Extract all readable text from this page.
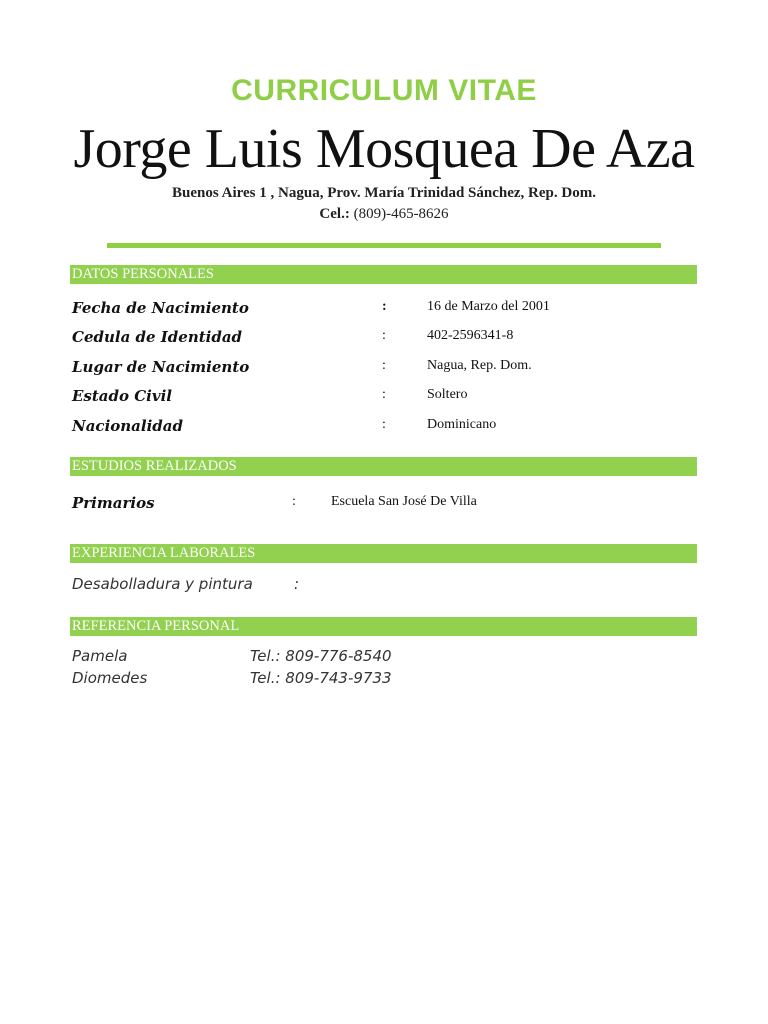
CURRICULUM VITAE
Jorge Luis Mosquea De Aza
Buenos Aires 1 , Nagua, Prov. María Trinidad Sánchez, Rep. Dom.
Cel.: (809)-465-8626
DATOS PERSONALES
Fecha de Nacimiento	:	16 de Marzo del 2001
Cedula de Identidad	:	402-2596341-8
Lugar de Nacimiento	:	Nagua, Rep. Dom.
Estado Civil	:	Soltero
Nacionalidad	:	Dominicano
ESTUDIOS REALIZADOS
Primarios	:	Escuela San José De Villa
EXPERIENCIA LABORALES
Desabolladura y pintura	:
REFERENCIA PERSONAL
Pamela	Tel.: 809-776-8540
Diomedes	Tel.: 809-743-9733
